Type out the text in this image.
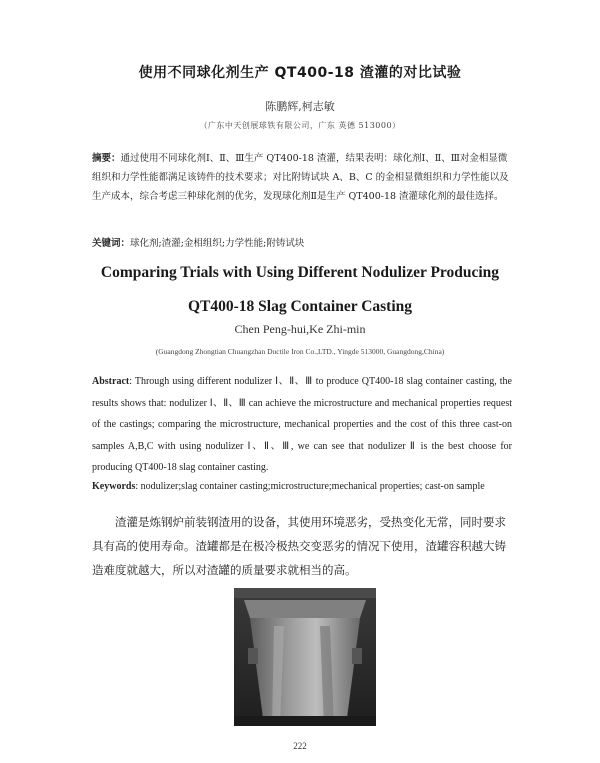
使用不同球化剂生产 QT400-18 渣灌的对比试验
陈鹏辉,柯志敏
（广东中天创展球铁有限公司，广东 英德 513000）
摘要：通过使用不同球化剂Ⅰ、Ⅱ、Ⅲ生产 QT400-18 渣灌，结果表明：球化剂Ⅰ、Ⅱ、Ⅲ对金相显微组织和力学性能都满足该铸件的技术要求；对比附铸试块 A、B、C 的金相显微组织和力学性能以及生产成本，综合考虑三种球化剂的优劣，发现球化剂Ⅱ是生产 QT400-18 渣灌球化剂的最佳选择。
关键词：球化剂;渣灌;金相组织;力学性能;附铸试块
Comparing Trials with Using Different Nodulizer Producing
QT400-18 Slag Container Casting
Chen Peng-hui,Ke Zhi-min
(Guangdong Zhongtian Chuangzhan Ductile Iron Co.,LTD., Yingde 513000, Guangdong,China)
Abstract: Through using different nodulizer Ⅰ、Ⅱ、Ⅲ to produce QT400-18 slag container casting, the results shows that: nodulizer Ⅰ、Ⅱ、Ⅲ can achieve the microstructure and mechanical properties request of the castings; comparing the microstructure, mechanical properties and the cost of this three cast-on samples A,B,C with using nodulizer Ⅰ、Ⅱ、Ⅲ, we can see that nodulizer Ⅱ is the best choose for producing QT400-18 slag container casting.
Keywords: nodulizer;slag container casting;microstructure;mechanical properties; cast-on sample
渣灌是炼钢炉前装钢渣用的设备，其使用环境恶劣，受热变化无常，同时要求具有高的使用寿命。渣罐都是在极冷极热交变恶劣的情况下使用，渣罐容积越大铸造难度就越大，所以对渣罐的质量要求就相当的高。
222
